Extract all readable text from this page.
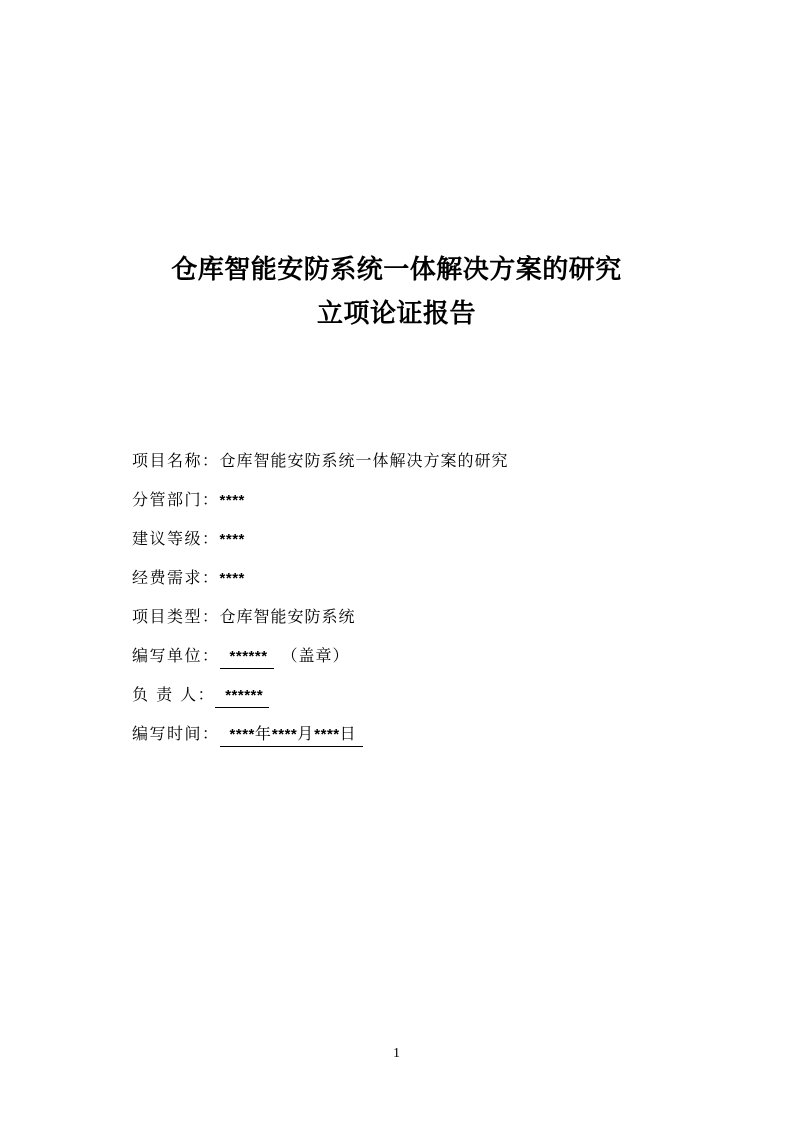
仓库智能安防系统一体解决方案的研究
立项论证报告
项目名称：仓库智能安防系统一体解决方案的研究
分管部门：****
建议等级：****
经费需求：****
项目类型：仓库智能安防系统
编写单位： ****** （盖章）
负 责 人： ******
编写时间： ****年****月****日
1
